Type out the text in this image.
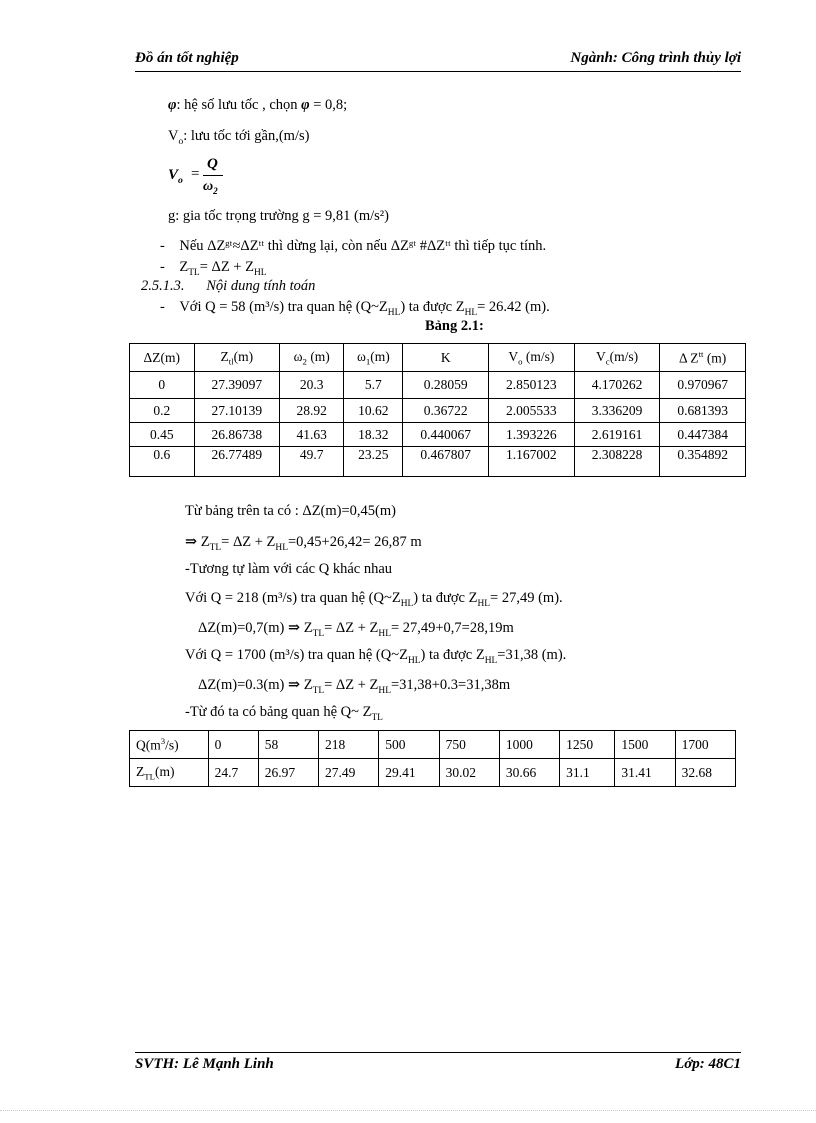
Đồ án tốt nghiệp	Ngành: Công trình thủy lợi
φ: hệ số lưu tốc , chọn φ = 0,8;
$V_o$: lưu tốc tới gần,(m/s)
$V_o$ =
Q
$\omega_2$
g: gia tốc trọng trường g = 9,81 (m/s²)
-    Nếu ΔZᵍᵗ≈ΔZᵗᵗ thì dừng lại, còn nếu ΔZᵍᵗ #ΔZᵗᵗ thì tiếp tục tính.
-    $Z_{TL}= \Delta Z + Z_{HL}$
2.5.1.3. Nội dung tính toán
-    Với Q = 58 (m³/s) tra quan hệ $(Q\sim Z_{HL})$ ta được $Z_{HL}= 26.42$ (m).
Bảng 2.1:
ΔZ(m)	$Z_{tl}(m)$	$\omega_2$ (m)	$\omega_1(m)$	K	$V_o$ (m/s)	$V_c(m/s)$	Δ $Z^{tt}$ (m)
0	27.39097	20.3	5.7	0.28059	2.850123	4.170262	0.970967
0.2	27.10139	28.92	10.62	0.36722	2.005533	3.336209	0.681393
0.45	26.86738	41.63	18.32	0.440067	1.393226	2.619161	0.447384
0.6	26.77489	49.7	23.25	0.467807	1.167002	2.308228	0.354892
Từ bảng trên ta có : ΔZ(m)=0,45(m)
⇒ $Z_{TL}= \Delta Z + Z_{HL}=0,45+26,42= 26,87$ m
-Tương tự làm với các Q khác nhau
Với Q = 218 (m³/s) tra quan hệ $(Q\sim Z_{HL})$ ta được $Z_{HL}= 27,49$ (m).
ΔZ(m)=0,7(m) ⇒ $Z_{TL}= \Delta Z + Z_{HL}= 27,49+0,7=28,19m$
Với Q = 1700 (m³/s) tra quan hệ $(Q\sim Z_{HL})$ ta được $Z_{HL}=31,38$ (m).
ΔZ(m)=0.3(m) ⇒ $Z_{TL}= \Delta Z + Z_{HL}=31,38+0.3=31,38m$
-Từ đó ta có bảng quan hệ Q~ $Z_{TL}$
$Q(m^3/s)$	0	58	218	500	750	1000	1250	1500	1700
$Z_{TL}(m)$	24.7	26.97	27.49	29.41	30.02	30.66	31.1	31.41	32.68
SVTH: Lê Mạnh Linh	Lớp: 48C1
